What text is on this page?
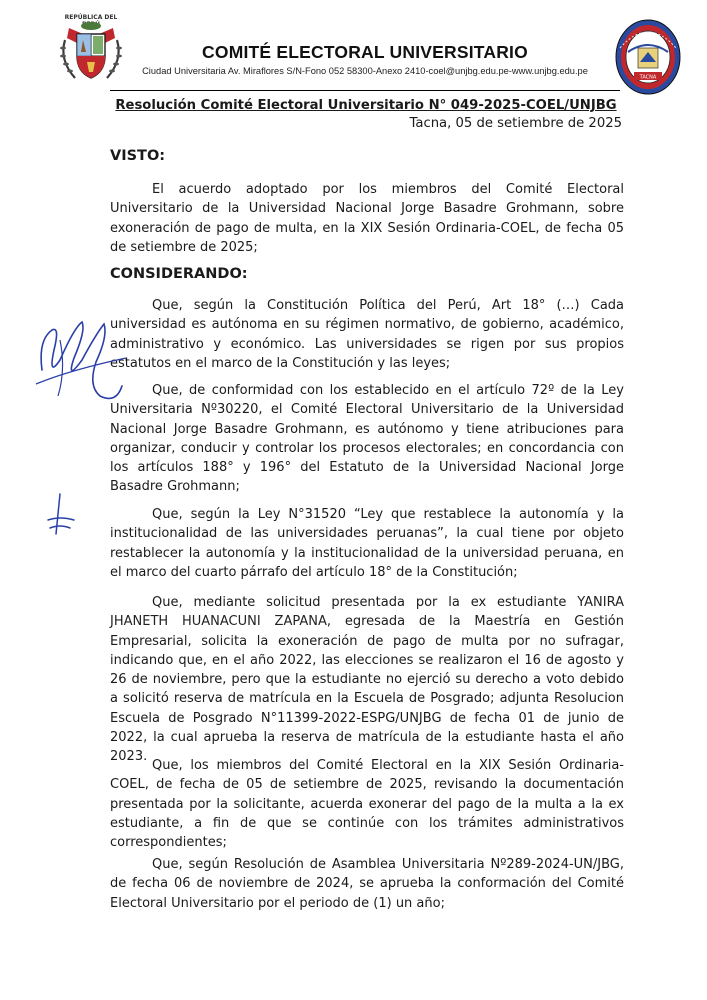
REPÚBLICA DEL
COMITÉ ELECTORAL UNIVERSITARIO
Ciudad Universitaria Av. Miraflores S/N-Fono 052 58300-Anexo 2410-coel@unjbg.edu.pe-www.unjbg.edu.pe
TACNA
Resolución Comité Electoral Universitario N° 049-2025-COEL/UNJBG
Tacna, 05 de setiembre de 2025
VISTO:
El acuerdo adoptado por los miembros del Comité Electoral Universitario de la Universidad Nacional Jorge Basadre Grohmann, sobre exoneración de pago de multa, en la XIX Sesión Ordinaria-COEL, de fecha 05 de setiembre de 2025;
CONSIDERANDO:
Que, según la Constitución Política del Perú, Art 18° (…) Cada universidad es autónoma en su régimen normativo, de gobierno, académico, administrativo y económico. Las universidades se rigen por sus propios estatutos en el marco de la Constitución y las leyes;
Que, de conformidad con los establecido en el artículo 72º de la Ley Universitaria Nº30220, el Comité Electoral Universitario de la Universidad Nacional Jorge Basadre Grohmann, es autónomo y tiene atribuciones para organizar, conducir y controlar los procesos electorales; en concordancia con los artículos 188° y 196° del Estatuto de la Universidad Nacional Jorge Basadre Grohmann;
Que, según la Ley N°31520 “Ley que restablece la autonomía y la institucionalidad de las universidades peruanas”, la cual tiene por objeto restablecer la autonomía y la institucionalidad de la universidad peruana, en el marco del cuarto párrafo del artículo 18° de la Constitución;
Que, mediante solicitud presentada por la ex estudiante YANIRA JHANETH HUANACUNI ZAPANA, egresada de la Maestría en Gestión Empresarial, solicita la exoneración de pago de multa por no sufragar, indicando que, en el año 2022, las elecciones se realizaron el 16 de agosto y 26 de noviembre, pero que la estudiante no ejerció su derecho a voto debido a solicitó reserva de matrícula en la Escuela de Posgrado; adjunta Resolucion Escuela de Posgrado N°11399-2022-ESPG/UNJBG de fecha 01 de junio de 2022, la cual aprueba la reserva de matrícula de la estudiante hasta el año 2023.
Que, los miembros del Comité Electoral en la XIX Sesión Ordinaria-COEL, de fecha de 05 de setiembre de 2025, revisando la documentación presentada por la solicitante, acuerda exonerar del pago de la multa a la ex estudiante, a fin de que se continúe con los trámites administrativos correspondientes;
Que, según Resolución de Asamblea Universitaria Nº289-2024-UN/JBG, de fecha 06 de noviembre de 2024, se aprueba la conformación del Comité Electoral Universitario por el periodo de (1) un año;
